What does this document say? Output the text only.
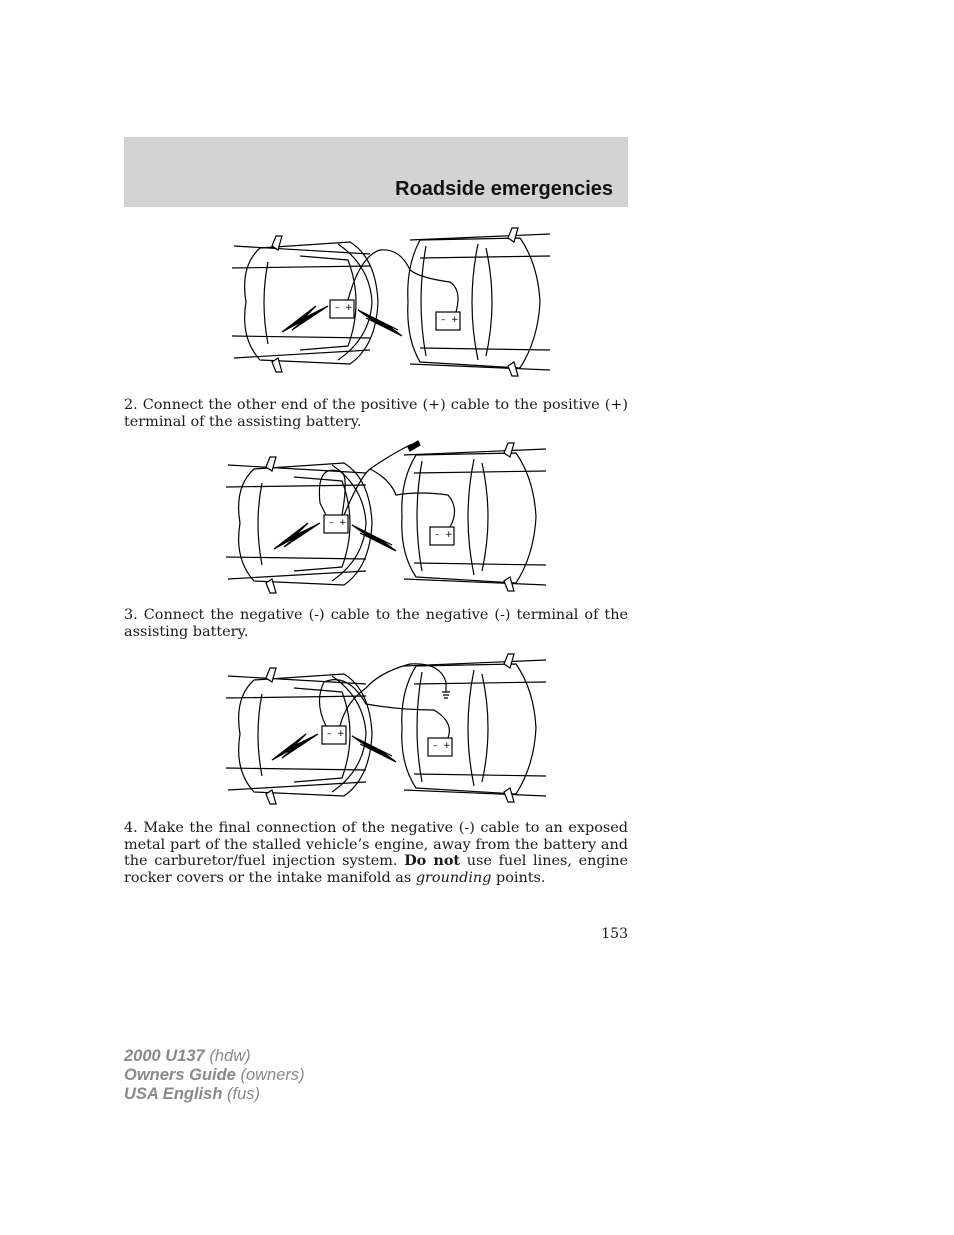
Roadside emergencies
– +
– +

2. Connect the other end of the positive (+) cable to the positive (+) terminal of the assisting battery.

– +
– +

3. Connect the negative (-) cable to the negative (-) terminal of the assisting battery.

– +
– +

4. Make the final connection of the negative (-) cable to an exposed metal part of the stalled vehicle’s engine, away from the battery and the carburetor/fuel injection system. Do not use fuel lines, engine rocker covers or the intake manifold as grounding points.

153
2000 U137 (hdw)
Owners Guide (owners)
USA English (fus)
